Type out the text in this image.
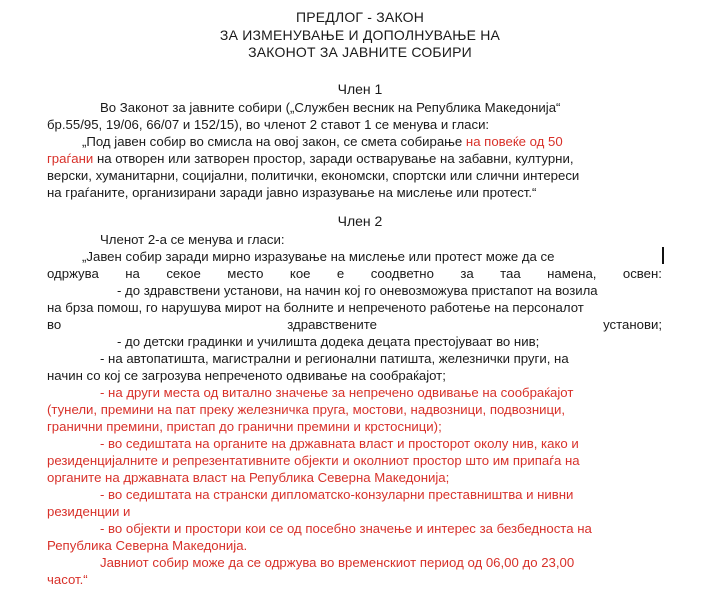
ПРЕДЛОГ - ЗАКОН
ЗА ИЗМЕНУВАЊЕ И ДОПОЛНУВАЊЕ НА
ЗАКОНОТ ЗА ЈАВНИТЕ СОБИРИ
Член 1
Во Законот за јавните собири („Службен весник на Република Македонија“
бр.55/95, 19/06, 66/07 и 152/15), во членот 2 ставот 1 се менува и гласи:
„Под јавен собир во смисла на овој закон, се смета собирање на повеќе од 50
граѓани на отворен или затворен простор, заради остварување на забавни, културни,
верски, хуманитарни, социјални, политички, економски, спортски или слични интереси
на граѓаните, организирани заради јавно изразување на мислење или протест.“
Член 2
Членот 2-а се менува и гласи:
„Јавен собир заради мирно изразување на мислење или протест може да се
одржува на секое место кое е соодветно за таа намена, освен:
- до здравствени установи, на начин кој го оневозможува пристапот на возила
на брза помош, го нарушува мирот на болните и непреченото работење на персоналот
во	здравствените	установи;
- до детски градинки и училишта додека децата престојуваат во нив;
- на автопатишта, магистрални и регионални патишта, железнички пруги, на
начин со кој се загрозува непреченото одвивање на сообраќајот;
- на други места од витално значење за непречено одвивање на сообраќајот
(тунели, премини на пат преку железничка пруга, мостови, надвозници, подвозници,
гранични премини, пристап до гранични премини и крстосници);
- во седиштата на органите на државната власт и просторот околу нив, како и
резиденцијалните и репрезентативните објекти и околниот простор што им припаѓа на
органите на државната власт на Република Северна Македонија;
- во седиштата на странски дипломатско-конзуларни преставништва и нивни
резиденции и
- во објекти и простори кои се од посебно значење и интерес за безбедноста на
Република Северна Македонија.
Јавниот собир може да се одржува во временскиот период од 06,00 до 23,00
часот.“
